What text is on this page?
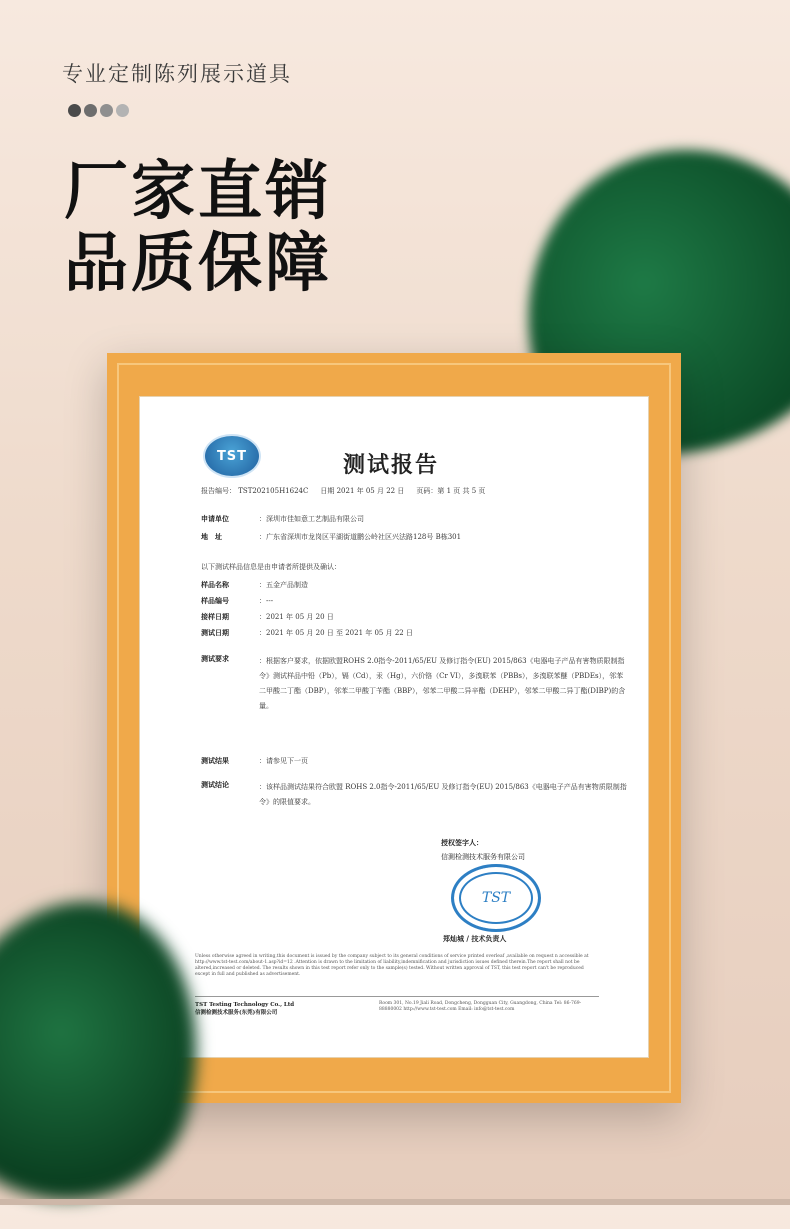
专业定制陈列展示道具
厂家直销
品质保障
TST	测试报告
报告编号： TST202105H1624C 日期 2021 年 05 月 22 日 页码：第 1 页 共 5 页
申请单位	：深圳市佳如意工艺制品有限公司
地　址	：广东省深圳市龙岗区平湖街道鹏公岭社区兴法路128号 B栋301
以下测试样品信息是由申请者所提供及确认：
样品名称	：五金产品制造
样品编号	：---
接样日期	：2021 年 05 月 20 日
测试日期	：2021 年 05 月 20 日 至 2021 年 05 月 22 日
测试要求	：根据客户要求，依据欧盟ROHS 2.0指令-2011/65/EU 及修订指令(EU) 2015/863《电器电子产品有害物质限制指令》测试样品中铅（Pb），镉（Cd），汞（Hg），六价铬（Cr VI），多溴联苯（PBBs），多溴联苯醚（PBDEs），邻苯二甲酸二丁酯（DBP），邻苯二甲酸丁苄酯（BBP），邻苯二甲酸二异辛酯（DEHP），邻苯二甲酸二异丁酯(DIBP)的含量。
测试结果	：请参见下一页
测试结论	：该样品测试结果符合欧盟 ROHS 2.0指令-2011/65/EU 及修订指令(EU) 2015/863《电器电子产品有害物质限制指令》的限值要求。
授权签字人：
信測检测技术服务有限公司
TST
郑灿城 / 技术负责人
Unless otherwise agreed in writing,this document is issued by the company subject to its general conditions of service printed overleaf ,available on request n accessible at http://www.tst-test.com/about-1.asp?id=12 .Attention is drawn to the limitation of liability,indemnification and jurisdiction issues defined therein.The report shall not be altered,increased or deleted. The results shown in this test report refer only to the sample(s) tested. Without written approval of TST, this test report can't be reproduced except in full and published as advertisement.
TST Testing Technology Co., Ltd
信测检测技术服务(东莞)有限公司
Room 301, No.19 Jiali Road, Dongcheng, Dongguan City, Guangdong, China Tel: 86-769-88880002 http://www.tst-test.com Email: info@tst-test.com
